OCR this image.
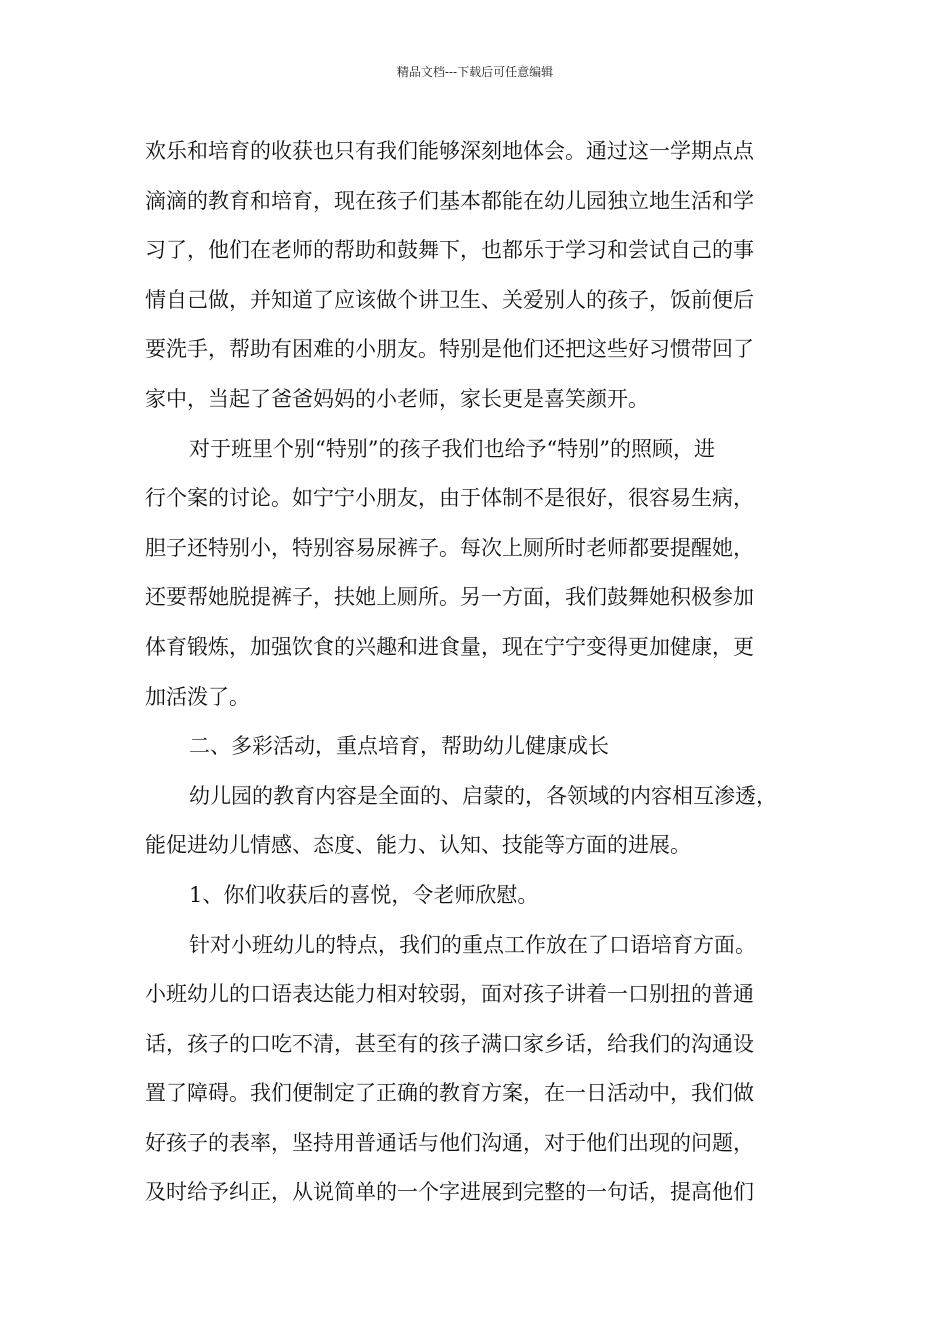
精品文档---下载后可任意编辑
欢乐和培育的收获也只有我们能够深刻地体会。通过这一学期点点
滴滴的教育和培育，现在孩子们基本都能在幼儿园独立地生活和学
习了，他们在老师的帮助和鼓舞下，也都乐于学习和尝试自己的事
情自己做，并知道了应该做个讲卫生、关爱别人的孩子，饭前便后
要洗手，帮助有困难的小朋友。特别是他们还把这些好习惯带回了
家中，当起了爸爸妈妈的小老师，家长更是喜笑颜开。
对于班里个别“特别”的孩子我们也给予“特别”的照顾，进
行个案的讨论。如宁宁小朋友，由于体制不是很好，很容易生病，
胆子还特别小，特别容易尿裤子。每次上厕所时老师都要提醒她，
还要帮她脱提裤子，扶她上厕所。另一方面，我们鼓舞她积极参加
体育锻炼，加强饮食的兴趣和进食量，现在宁宁变得更加健康，更
加活泼了。
二、多彩活动，重点培育，帮助幼儿健康成长
幼儿园的教育内容是全面的、启蒙的，各领域的内容相互渗透，
能促进幼儿情感、态度、能力、认知、技能等方面的进展。
1、你们收获后的喜悦，令老师欣慰。
针对小班幼儿的特点，我们的重点工作放在了口语培育方面。
小班幼儿的口语表达能力相对较弱，面对孩子讲着一口别扭的普通
话，孩子的口吃不清，甚至有的孩子满口家乡话，给我们的沟通设
置了障碍。我们便制定了正确的教育方案，在一日活动中，我们做
好孩子的表率，坚持用普通话与他们沟通，对于他们出现的问题，
及时给予纠正，从说简单的一个字进展到完整的一句话，提高他们
